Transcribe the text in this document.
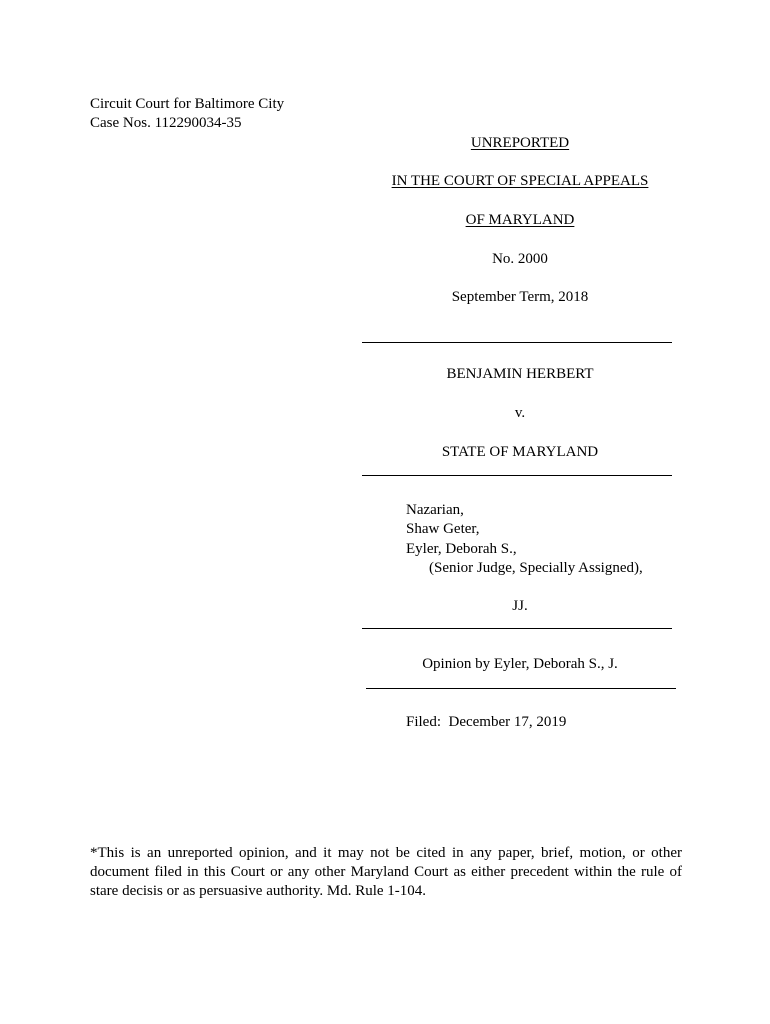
Circuit Court for Baltimore City
Case Nos. 112290034-35
UNREPORTED
IN THE COURT OF SPECIAL APPEALS
OF MARYLAND
No. 2000
September Term, 2018
BENJAMIN HERBERT
v.
STATE OF MARYLAND
Nazarian,
Shaw Geter,
Eyler, Deborah S.,
(Senior Judge, Specially Assigned),
JJ.
Opinion by Eyler, Deborah S., J.
Filed:  December 17, 2019
*This is an unreported opinion, and it may not be cited in any paper, brief, motion, or other document filed in this Court or any other Maryland Court as either precedent within the rule of stare decisis or as persuasive authority. Md. Rule 1-104.
